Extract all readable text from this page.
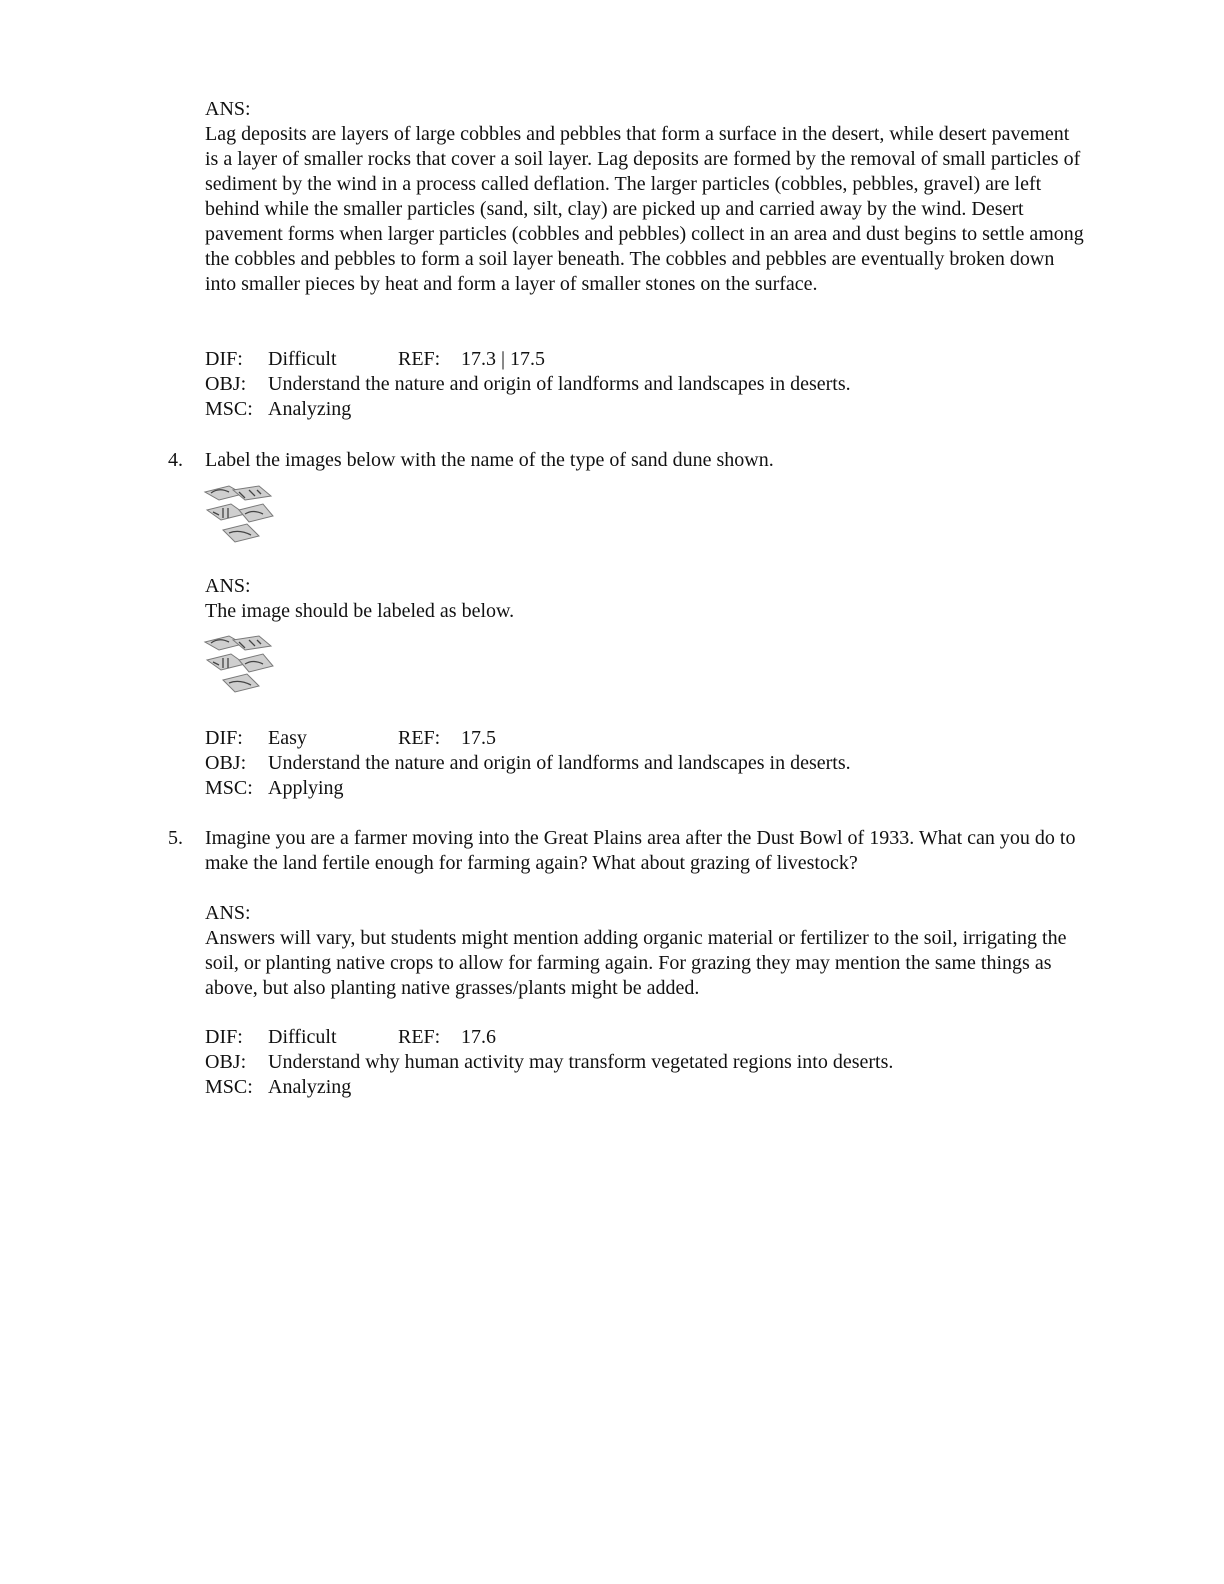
ANS:

Lag deposits are layers of large cobbles and pebbles that form a surface in the desert, while desert pavement is a layer of smaller rocks that cover a soil layer. Lag deposits are formed by the removal of small particles of sediment by the wind in a process called deflation. The larger particles (cobbles, pebbles, gravel) are left behind while the smaller particles (sand, silt, clay) are picked up and carried away by the wind. Desert pavement forms when larger particles (cobbles and pebbles) collect in an area and dust begins to settle among the cobbles and pebbles to form a soil layer beneath. The cobbles and pebbles are eventually broken down into smaller pieces by heat and form a layer of smaller stones on the surface.

DIF:	Difficult	REF:	17.3 | 17.5
OBJ:	Understand the nature and origin of landforms and landscapes in deserts.
MSC: Analyzing
4. Label the images below with the name of the type of sand dune shown.

ANS:

The image should be labeled as below.

DIF:	Easy	REF:	17.5
OBJ:	Understand the nature and origin of landforms and landscapes in deserts.
MSC: Applying
5. Imagine you are a farmer moving into the Great Plains area after the Dust Bowl of 1933. What can you do to make the land fertile enough for farming again? What about grazing of livestock?

ANS:

Answers will vary, but students might mention adding organic material or fertilizer to the soil, irrigating the soil, or planting native crops to allow for farming again. For grazing they may mention the same things as above, but also planting native grasses/plants might be added.

DIF:	Difficult	REF:	17.6
OBJ:	Understand why human activity may transform vegetated regions into deserts.
MSC: Analyzing
